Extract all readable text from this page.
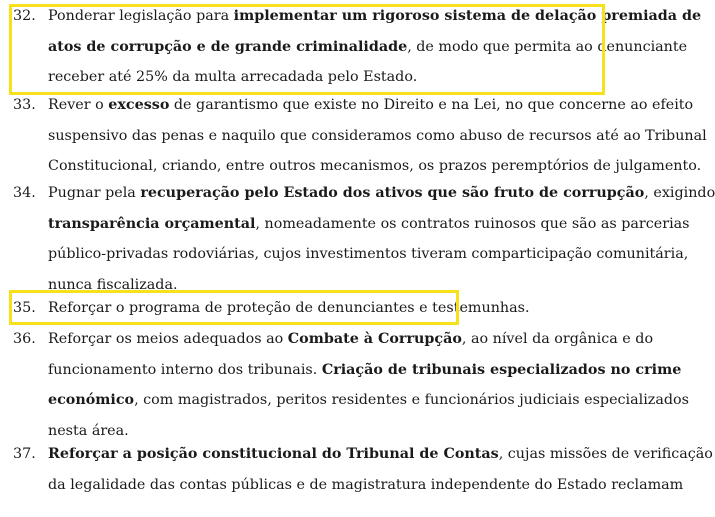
32. Ponderar legislação para implementar um rigoroso sistema de delação premiada de
atos de corrupção e de grande criminalidade, de modo que permita ao denunciante
receber até 25% da multa arrecadada pelo Estado.
33. Rever o excesso de garantismo que existe no Direito e na Lei, no que concerne ao efeito
suspensivo das penas e naquilo que consideramos como abuso de recursos até ao Tribunal
Constitucional, criando, entre outros mecanismos, os prazos peremptórios de julgamento.
34. Pugnar pela recuperação pelo Estado dos ativos que são fruto de corrupção, exigindo
transparência orçamental, nomeadamente os contratos ruinosos que são as parcerias
público-privadas rodoviárias, cujos investimentos tiveram comparticipação comunitária,
nunca fiscalizada.
35. Reforçar o programa de proteção de denunciantes e testemunhas.
36. Reforçar os meios adequados ao Combate à Corrupção, ao nível da orgânica e do
funcionamento interno dos tribunais. Criação de tribunais especializados no crime
económico, com magistrados, peritos residentes e funcionários judiciais especializados
nesta área.
37. Reforçar a posição constitucional do Tribunal de Contas, cujas missões de verificação
da legalidade das contas públicas e de magistratura independente do Estado reclamam
